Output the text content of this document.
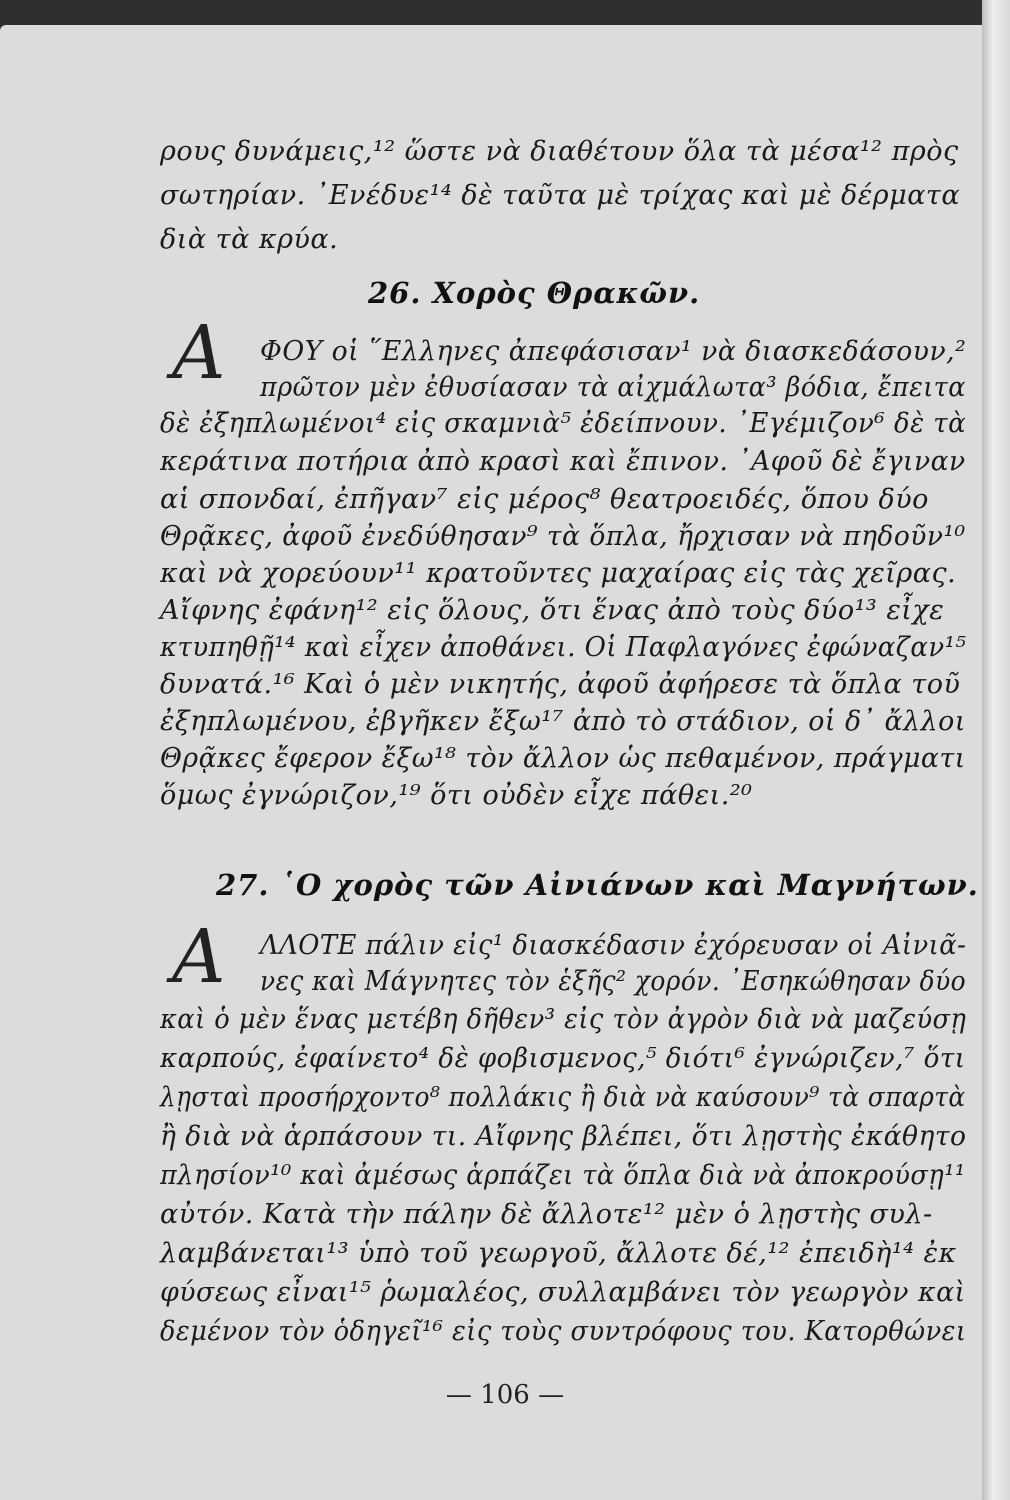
ρους δυνάμεις,¹² ὥστε νὰ διαθέτουν ὅλα τὰ μέσα¹² πρὸς
σωτηρίαν. ᾿Ενέδυε¹⁴ δὲ ταῦτα μὲ τρίχας καὶ μὲ δέρματα
διὰ τὰ κρύα.
26. Χορὸς Θρακῶν.
Α ΦΟΥ οἱ ῞Ελληνες ἀπεφάσισαν¹ νὰ διασκεδάσουν,²
πρῶτον μὲν ἐθυσίασαν τὰ αἰχμάλωτα³ βόδια, ἔπειτα
δὲ ἐξηπλωμένοι⁴ εἰς σκαμνιὰ⁵ ἐδείπνουν. ᾿Εγέμιζον⁶ δὲ τὰ
κεράτινα ποτήρια ἀπὸ κρασὶ καὶ ἔπινον. ᾿Αφοῦ δὲ ἔγιναν
αἱ σπονδαί, ἐπῆγαν⁷ εἰς μέρος⁸ θεατροειδές, ὅπου δύο
Θρᾷκες, ἀφοῦ ἐνεδύθησαν⁹ τὰ ὅπλα, ἤρχισαν νὰ πηδοῦν¹⁰
καὶ νὰ χορεύουν¹¹ κρατοῦντες μαχαίρας εἰς τὰς χεῖρας.
Αἴφνης ἐφάνη¹² εἰς ὅλους, ὅτι ἕνας ἀπὸ τοὺς δύο¹³ εἶχε
κτυπηθῇ¹⁴ καὶ εἶχεν ἀποθάνει. Οἱ Παφλαγόνες ἐφώναζαν¹⁵
δυνατά.¹⁶ Καὶ ὁ μὲν νικητής, ἀφοῦ ἀφήρεσε τὰ ὅπλα τοῦ
ἐξηπλωμένου, ἐβγῆκεν ἔξω¹⁷ ἀπὸ τὸ στάδιον, οἱ δ᾿ ἄλλοι
Θρᾷκες ἔφερον ἔξω¹⁸ τὸν ἄλλον ὡς πεθαμένον, πράγματι
ὅμως ἐγνώριζον,¹⁹ ὅτι οὐδὲν εἶχε πάθει.²⁰
27. ῾Ο χορὸς τῶν Αἰνιάνων καὶ Μαγνήτων.
Α ΛΛΟΤΕ πάλιν εἰς¹ διασκέδασιν ἐχόρευσαν οἱ Αἰνιᾶ-
νες καὶ Μάγνητες τὸν ἑξῆς² χορόν. ᾿Εσηκώθησαν δύο
καὶ ὁ μὲν ἕνας μετέβη δῆθεν³ εἰς τὸν ἀγρὸν διὰ νὰ μαζεύσῃ
καρπούς, ἐφαίνετο⁴ δὲ φοβισμενος,⁵ διότι⁶ ἐγνώριζεν,⁷ ὅτι
λῃσταὶ προσήρχοντο⁸ πολλάκις ἢ διὰ νὰ καύσουν⁹ τὰ σπαρτὰ
ἢ διὰ νὰ ἁρπάσουν τι. Αἴφνης βλέπει, ὅτι λῃστὴς ἐκάθητο
πλησίον¹⁰ καὶ ἀμέσως ἁρπάζει τὰ ὅπλα διὰ νὰ ἀποκρούσῃ¹¹
αὐτόν. Κατὰ τὴν πάλην δὲ ἄλλοτε¹² μὲν ὁ λῃστὴς συλ-
λαμβάνεται¹³ ὑπὸ τοῦ γεωργοῦ, ἄλλοτε δέ,¹² ἐπειδὴ¹⁴ ἐκ
φύσεως εἶναι¹⁵ ῥωμαλέος, συλλαμβάνει τὸν γεωργὸν καὶ
δεμένον τὸν ὁδηγεῖ¹⁶ εἰς τοὺς συντρόφους του. Κατορθώνει
— 106 —
